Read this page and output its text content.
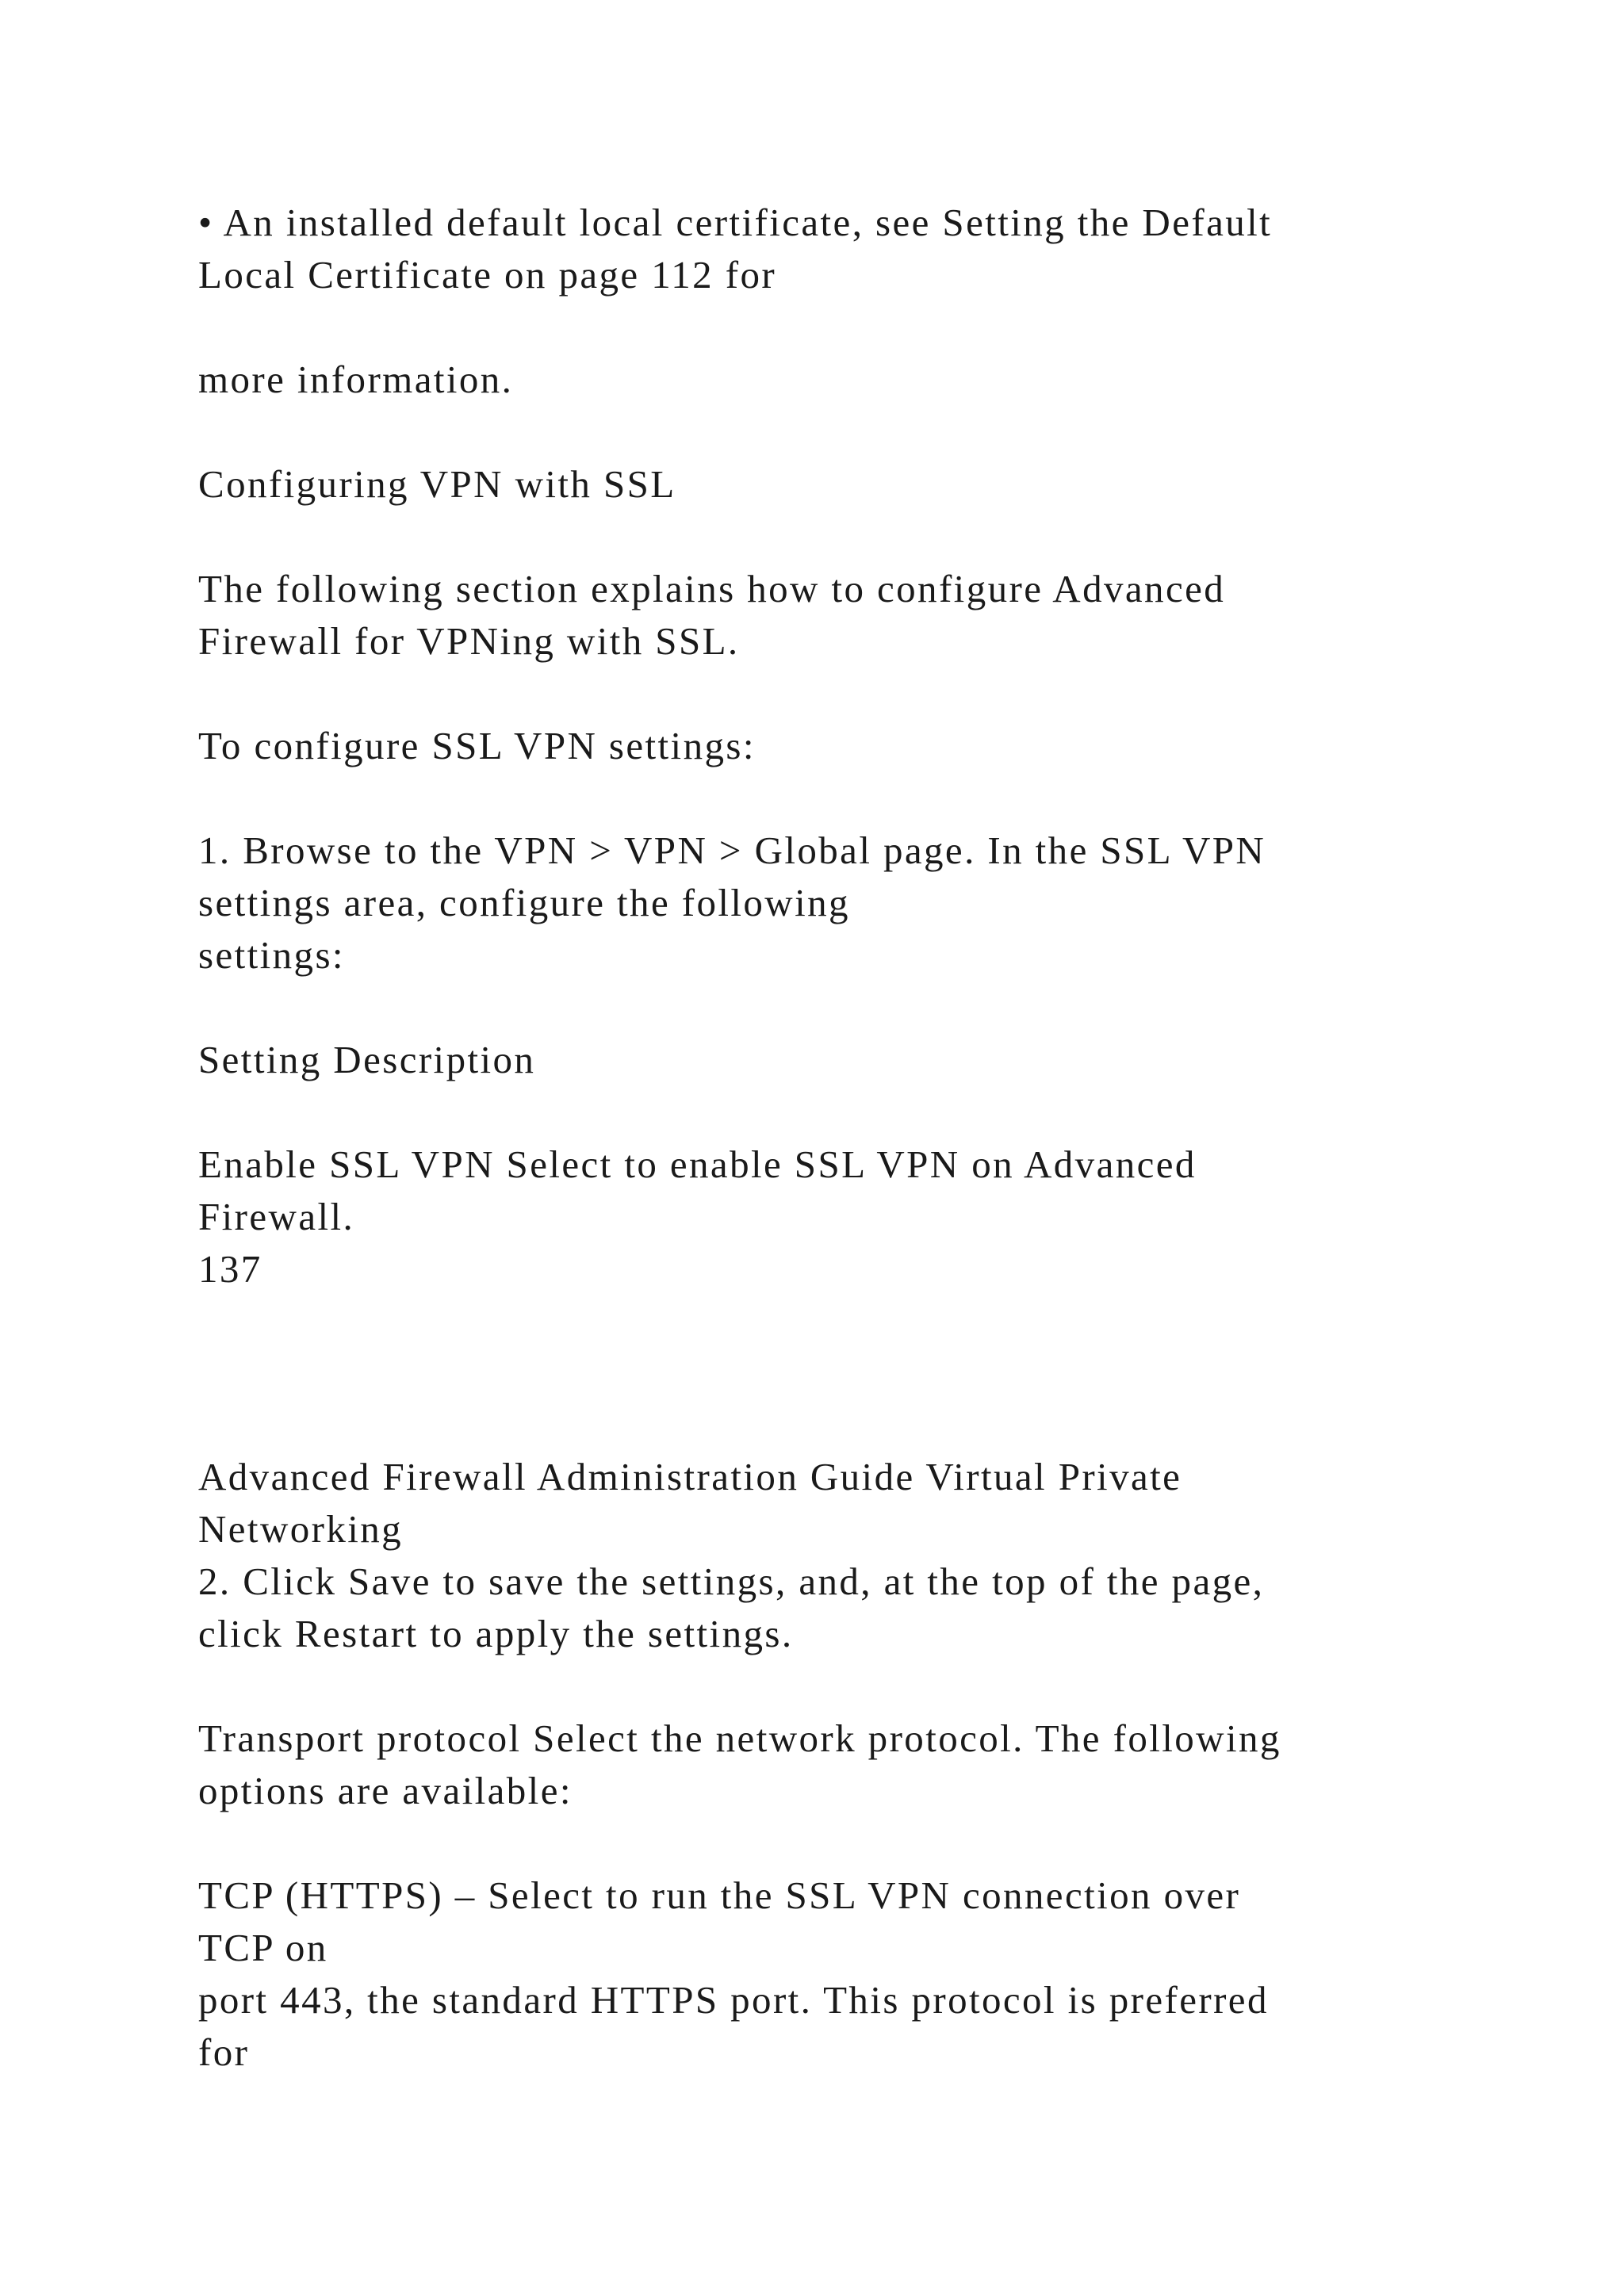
• An installed default local certificate, see Setting the Default
Local Certificate on page 112 for
more information.
Configuring VPN with SSL
The following section explains how to configure Advanced
Firewall for VPNing with SSL.
To configure SSL VPN settings:
1. Browse to the VPN > VPN > Global page. In the SSL VPN
settings area, configure the following
settings:
Setting Description
Enable SSL VPN Select to enable SSL VPN on Advanced
Firewall.
137
Advanced Firewall Administration Guide Virtual Private
Networking
2. Click Save to save the settings, and, at the top of the page,
click Restart to apply the settings.
Transport protocol Select the network protocol. The following
options are available:
TCP (HTTPS) – Select to run the SSL VPN connection over
TCP on
port 443, the standard HTTPS port. This protocol is preferred
for
